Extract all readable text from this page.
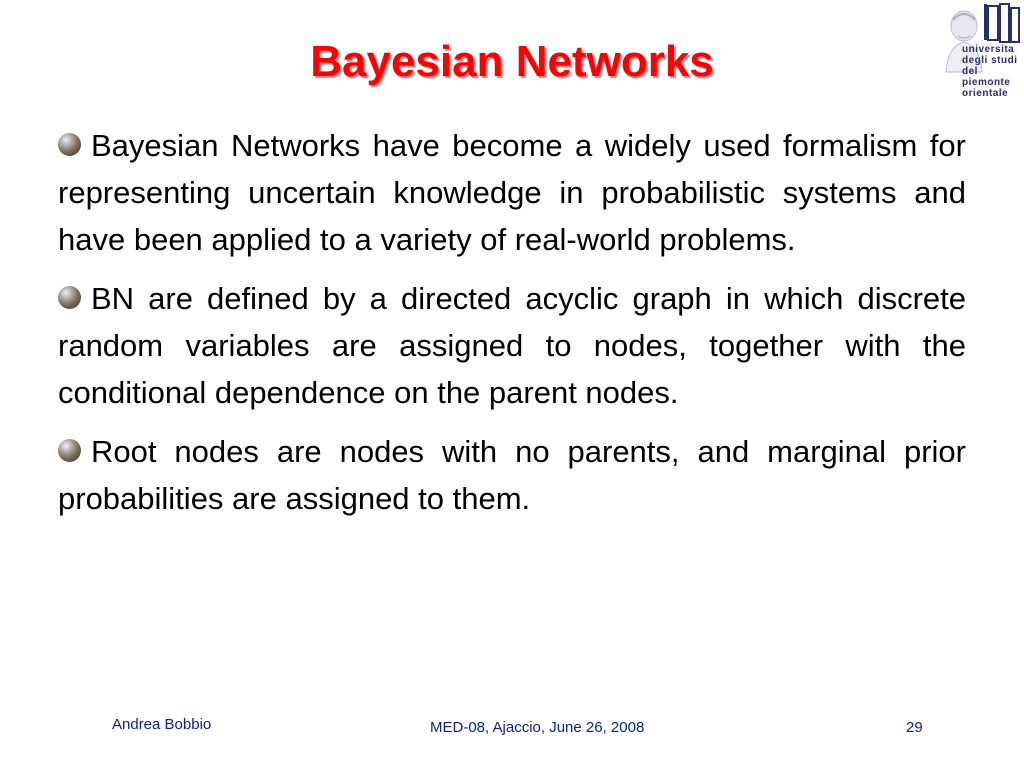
Bayesian Networks	universita
degli studi
del piemonte
orientale

Bayesian Networks have become a widely used formalism for representing uncertain knowledge in probabilistic systems and have been applied to a variety of real-world problems.

BN are defined by a directed acyclic graph in which discrete random variables are assigned to nodes, together with the conditional dependence on the parent nodes.

Root nodes are nodes with no parents, and marginal prior probabilities are assigned to them.

Andrea Bobbio	MED-08, Ajaccio, June 26, 2008	29
